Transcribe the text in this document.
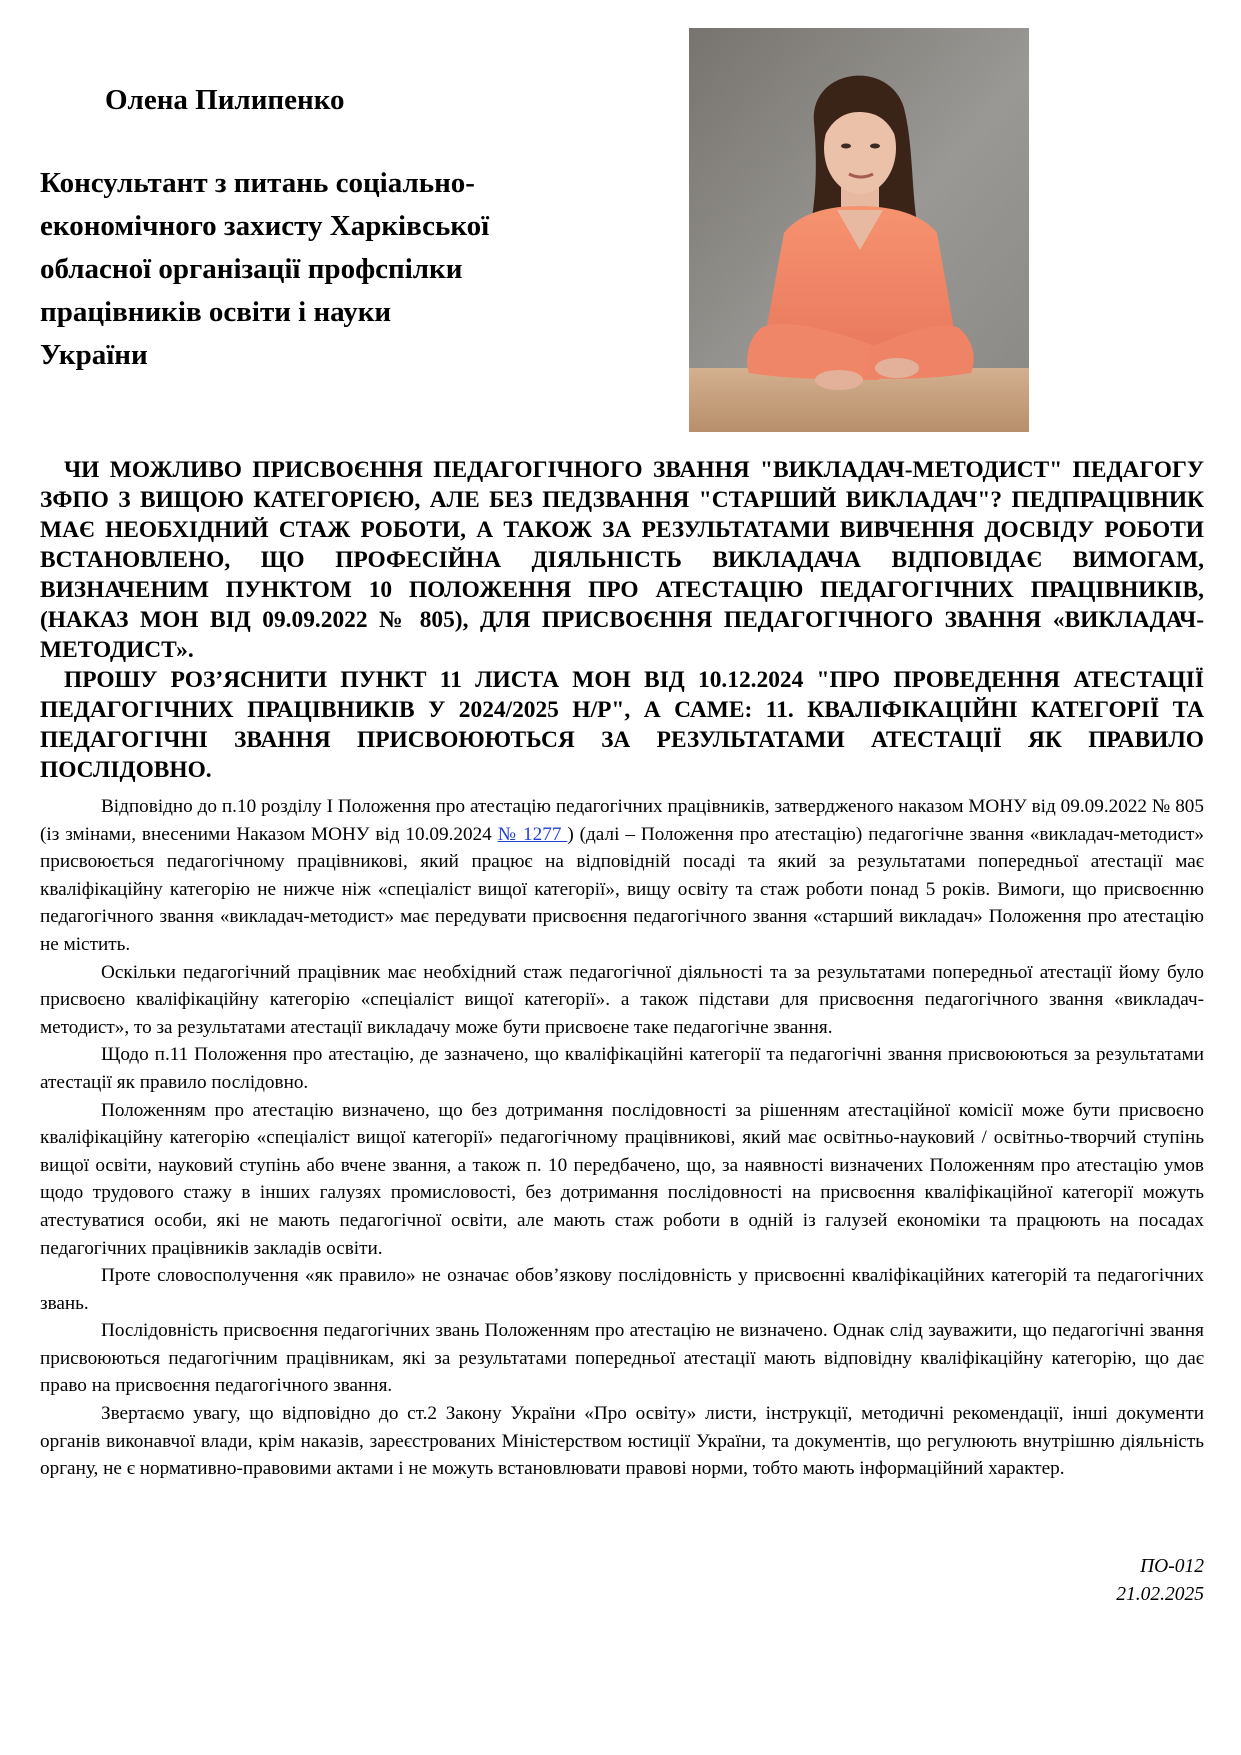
Олена Пилипенко
Консультант з питань соціально-
економічного захисту Харківської
обласної організації профспілки
працівників освіти і науки
України

ЧИ МОЖЛИВО ПРИСВОЄННЯ ПЕДАГОГІЧНОГО ЗВАННЯ "ВИКЛАДАЧ-МЕТОДИСТ" ПЕДАГОГУ ЗФПО З ВИЩОЮ КАТЕГОРІЄЮ, АЛЕ БЕЗ ПЕДЗВАННЯ "СТАРШИЙ ВИКЛАДАЧ"? ПЕДПРАЦІВНИК МАЄ НЕОБХІДНИЙ СТАЖ РОБОТИ, А ТАКОЖ ЗА РЕЗУЛЬТАТАМИ ВИВЧЕННЯ ДОСВІДУ РОБОТИ ВСТАНОВЛЕНО, ЩО ПРОФЕСІЙНА ДІЯЛЬНІСТЬ ВИКЛАДАЧА ВІДПОВІДАЄ ВИМОГАМ, ВИЗНАЧЕНИМ ПУНКТОМ 10 ПОЛОЖЕННЯ ПРО АТЕСТАЦІЮ ПЕДАГОГІЧНИХ ПРАЦІВНИКІВ, (НАКАЗ МОН ВІД 09.09.2022 № 805), ДЛЯ ПРИСВОЄННЯ ПЕДАГОГІЧНОГО ЗВАННЯ «ВИКЛАДАЧ-МЕТОДИСТ».

ПРОШУ РОЗ’ЯСНИТИ ПУНКТ 11 ЛИСТА МОН ВІД 10.12.2024 "ПРО ПРОВЕДЕННЯ АТЕСТАЦІЇ ПЕДАГОГІЧНИХ ПРАЦІВНИКІВ У 2024/2025 Н/Р", А САМЕ: 11. КВАЛІФІКАЦІЙНІ КАТЕГОРІЇ ТА ПЕДАГОГІЧНІ ЗВАННЯ ПРИСВОЮЮТЬСЯ ЗА РЕЗУЛЬТАТАМИ АТЕСТАЦІЇ ЯК ПРАВИЛО ПОСЛІДОВНО.

Відповідно до п.10 розділу І Положення про атестацію педагогічних працівників, затвердженого наказом МОНУ від 09.09.2022 № 805 (із змінами, внесеними Наказом МОНУ від 10.09.2024 № 1277 ) (далі – Положення про атестацію) педагогічне звання «викладач-методист» присвоюється педагогічному працівникові, який працює на відповідній посаді та який за результатами попередньої атестації має кваліфікаційну категорію не нижче ніж «спеціаліст вищої категорії», вищу освіту та стаж роботи понад 5 років. Вимоги, що присвоєнню педагогічного звання «викладач-методист» має передувати присвоєння педагогічного звання «старший викладач» Положення про атестацію не містить.

Оскільки педагогічний працівник має необхідний стаж педагогічної діяльності та за результатами попередньої атестації йому було присвоєно кваліфікаційну категорію «спеціаліст вищої категорії». а також підстави для присвоєння педагогічного звання «викладач-методист», то за результатами атестації викладачу може бути присвоєне таке педагогічне звання.

Щодо п.11 Положення про атестацію, де зазначено, що кваліфікаційні категорії та педагогічні звання присвоюються за результатами атестації як правило послідовно.

Положенням про атестацію визначено, що без дотримання послідовності за рішенням атестаційної комісії може бути присвоєно кваліфікаційну категорію «спеціаліст вищої категорії» педагогічному працівникові, який має освітньо-науковий / освітньо-творчий ступінь вищої освіти, науковий ступінь або вчене звання, а також п. 10 передбачено, що, за наявності визначених Положенням про атестацію умов щодо трудового стажу в інших галузях промисловості, без дотримання послідовності на присвоєння кваліфікаційної категорії можуть атестуватися особи, які не мають педагогічної освіти, але мають стаж роботи в одній із галузей економіки та працюють на посадах педагогічних працівників закладів освіти.

Проте словосполучення «як правило» не означає обов’язкову послідовність у присвоєнні кваліфікаційних категорій та педагогічних звань.

Послідовність присвоєння педагогічних звань Положенням про атестацію не визначено. Однак слід зауважити, що педагогічні звання присвоюються педагогічним працівникам, які за результатами попередньої атестації мають відповідну кваліфікаційну категорію, що дає право на присвоєння педагогічного звання.

Звертаємо увагу, що відповідно до ст.2 Закону України «Про освіту» листи, інструкції, методичні рекомендації, інші документи органів виконавчої влади, крім наказів, зареєстрованих Міністерством юстиції України, та документів, що регулюють внутрішню діяльність органу, не є нормативно-правовими актами і не можуть встановлювати правові норми, тобто мають інформаційний характер.

ПО-012
21.02.2025
